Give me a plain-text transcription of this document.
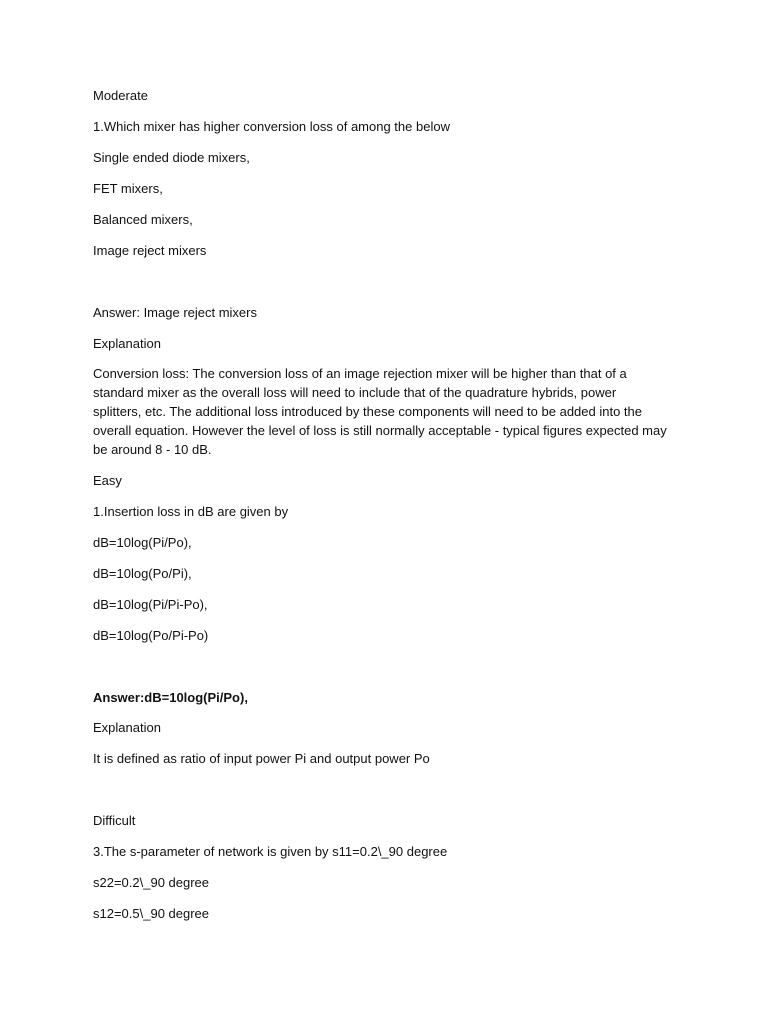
Moderate

1.Which mixer has higher conversion loss of among the below

Single ended diode mixers,

FET mixers,

Balanced mixers,

Image reject mixers

Answer: Image reject mixers

Explanation

Conversion loss: The conversion loss of an image rejection mixer will be higher than that of a
standard mixer as the overall loss will need to include that of the quadrature hybrids, power
splitters, etc. The additional loss introduced by these components will need to be added into the
overall equation. However the level of loss is still normally acceptable - typical figures expected may
be around 8 - 10 dB.

Easy

1.Insertion loss in dB are given by

dB=10log(Pi/Po),

dB=10log(Po/Pi),

dB=10log(Pi/Pi-Po),

dB=10log(Po/Pi-Po)

Answer:dB=10log(Pi/Po),

Explanation

It is defined as ratio of input power Pi and output power Po

Difficult

3.The s-parameter of network is given by s11=0.2\_90 degree

s22=0.2\_90 degree

s12=0.5\_90 degree
